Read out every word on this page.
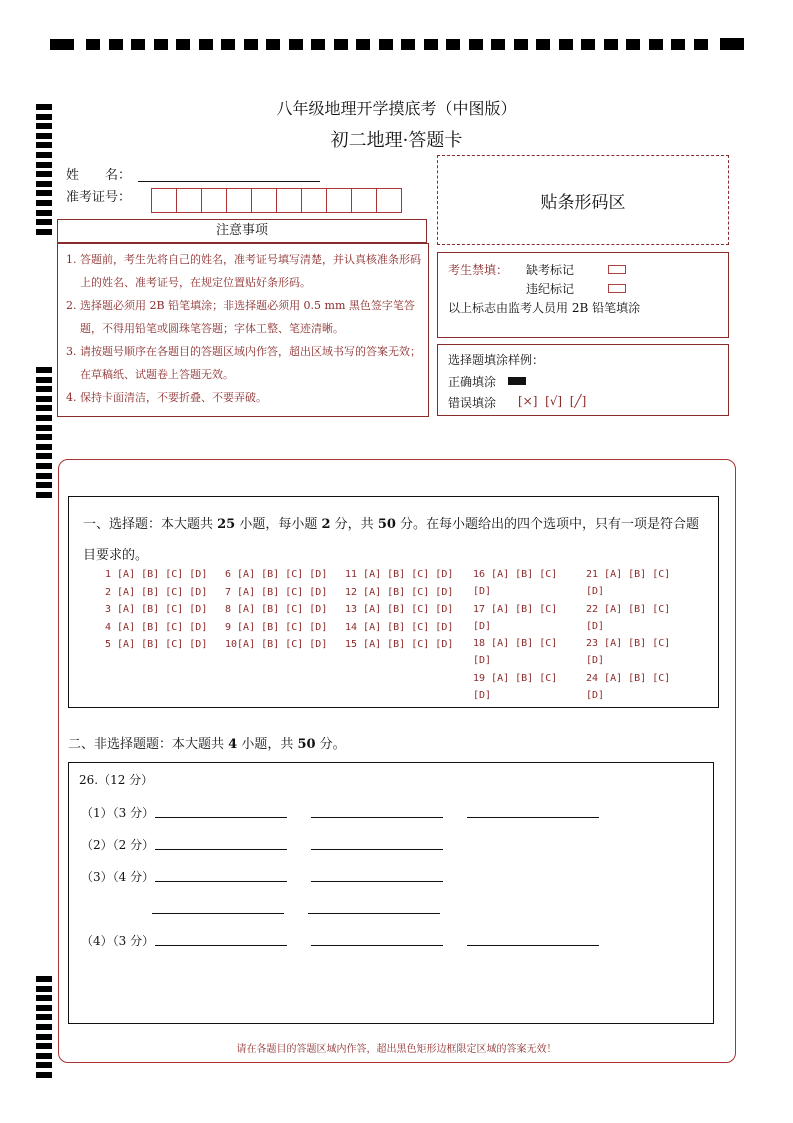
八年级地理开学摸底考（中图版）
初二地理·答题卡
姓　　名：
准考证号：	贴条形码区
注意事项

1. 答题前，考生先将自己的姓名，准考证号填写清楚，并认真核准条形码上的姓名、准考证号，在规定位置贴好条形码。

2. 选择题必须用 2B 铅笔填涂；非选择题必须用 0.5 mm 黑色签字笔答题，不得用铅笔或圆珠笔答题；字体工整、笔迹清晰。

3. 请按题号顺序在各题目的答题区域内作答，超出区域书写的答案无效；在草稿纸、试题卷上答题无效。

4. 保持卡面清洁，不要折叠、不要弄破。

考生禁填： 缺考标记
违纪标记
以上标志由监考人员用 2B 铅笔填涂
选择题填涂样例：
正确填涂
错误填涂 [×] [√] [╱]
一、选择题：本大题共 25 小题，每小题 2 分，共 50 分。在每小题给出的四个选项中，只有一项是符合题目要求的。
1 [A] [B] [C] [D]
2 [A] [B] [C] [D]
3 [A] [B] [C] [D]
4 [A] [B] [C] [D]
5 [A] [B] [C] [D]
6 [A] [B] [C] [D]
7 [A] [B] [C] [D]
8 [A] [B] [C] [D]
9 [A] [B] [C] [D]
10[A] [B] [C] [D]
11 [A] [B] [C] [D]
12 [A] [B] [C] [D]
13 [A] [B] [C] [D]
14 [A] [B] [C] [D]
15 [A] [B] [C] [D]
16 [A] [B] [C]
17 [A] [B] [C]
18 [A] [B] [C]
19 [A] [B] [C]
[D]
[D]
[D]
[D]
21 [A] [B] [C]
22 [A] [B] [C]
23 [A] [B] [C]
24 [A] [B] [C]
[D]
[D]
[D]
[D]
二、非选择题题：本大题共 4 小题，共 50 分。
26.（12 分）
（1）（3 分）
（2）（2 分）
（3）（4 分）
（4）（3 分）
请在各题目的答题区域内作答，超出黑色矩形边框限定区域的答案无效！
